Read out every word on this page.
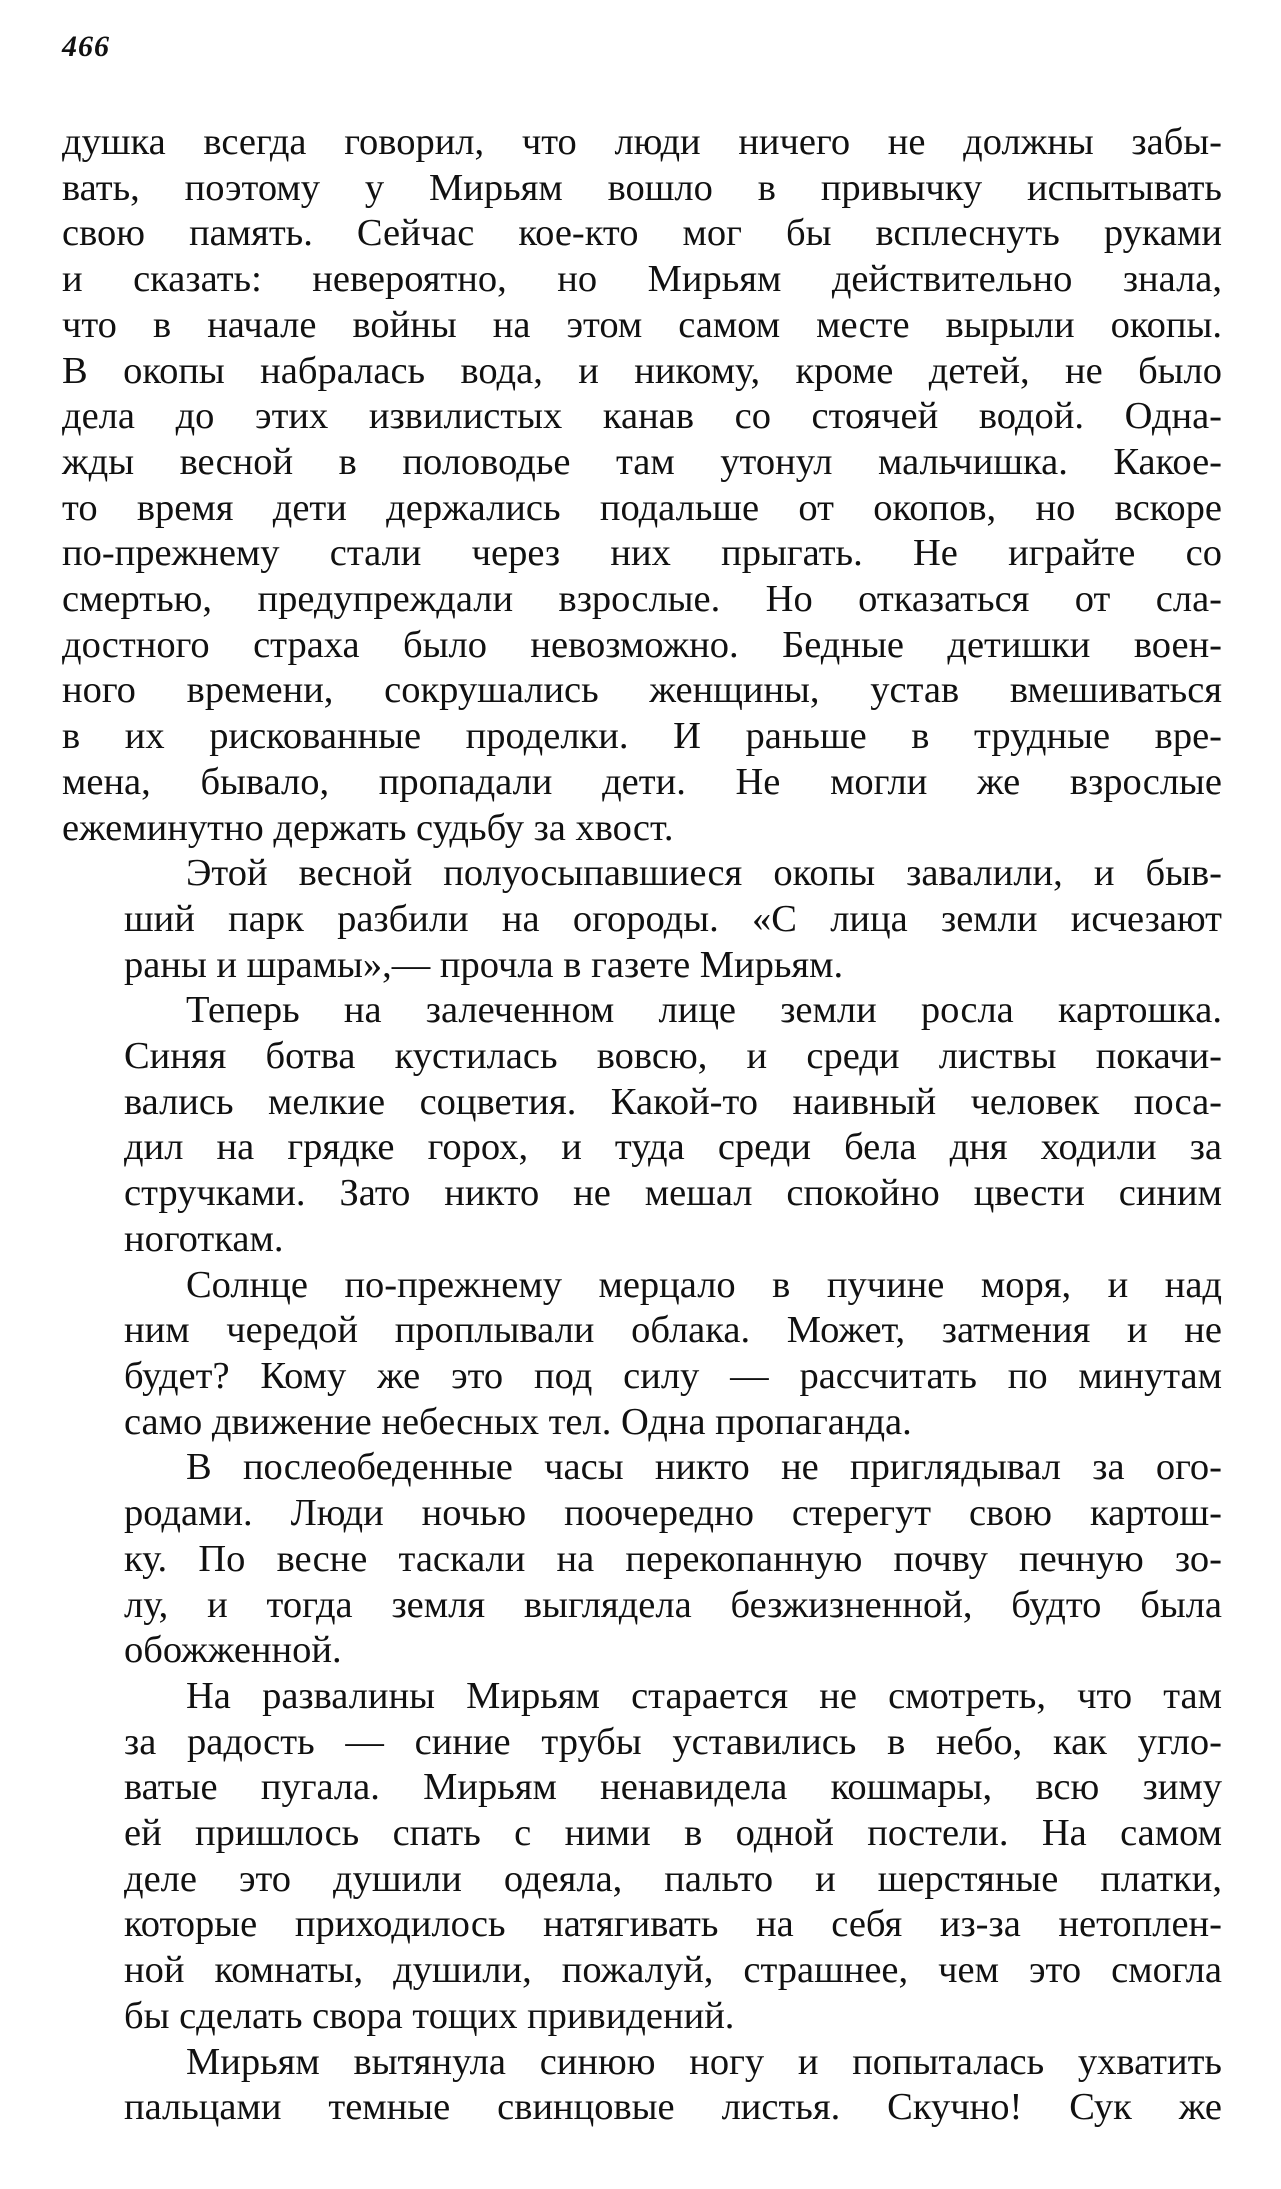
466
душка всегда говорил, что люди ничего не должны забы-
вать, поэтому у Мирьям вошло в привычку испытывать
свою память. Сейчас кое-кто мог бы всплеснуть руками
и сказать: невероятно, но Мирьям действительно знала,
что в начале войны на этом самом месте вырыли окопы.
В окопы набралась вода, и никому, кроме детей, не было
дела до этих извилистых канав со стоячей водой. Одна-
жды весной в половодье там утонул мальчишка. Какое-
то время дети держались подальше от окопов, но вскоре
по-прежнему стали через них прыгать. Не играйте со
смертью, предупреждали взрослые. Но отказаться от сла-
достного страха было невозможно. Бедные детишки воен-
ного времени, сокрушались женщины, устав вмешиваться
в их рискованные проделки. И раньше в трудные вре-
мена, бывало, пропадали дети. Не могли же взрослые
ежеминутно держать судьбу за хвост.
Этой весной полуосыпавшиеся окопы завалили, и быв-
ший парк разбили на огороды. «С лица земли исчезают
раны и шрамы»,— прочла в газете Мирьям.
Теперь на залеченном лице земли росла картошка.
Синяя ботва кустилась вовсю, и среди листвы покачи-
вались мелкие соцветия. Какой-то наивный человек поса-
дил на грядке горох, и туда среди бела дня ходили за
стручками. Зато никто не мешал спокойно цвести синим
ноготкам.
Солнце по-прежнему мерцало в пучине моря, и над
ним чередой проплывали облака. Может, затмения и не
будет? Кому же это под силу — рассчитать по минутам
само движение небесных тел. Одна пропаганда.
В послеобеденные часы никто не приглядывал за ого-
родами. Люди ночью поочередно стерегут свою картош-
ку. По весне таскали на перекопанную почву печную зо-
лу, и тогда земля выглядела безжизненной, будто была
обожженной.
На развалины Мирьям старается не смотреть, что там
за радость — синие трубы уставились в небо, как угло-
ватые пугала. Мирьям ненавидела кошмары, всю зиму
ей пришлось спать с ними в одной постели. На самом
деле это душили одеяла, пальто и шерстяные платки,
которые приходилось натягивать на себя из-за нетоплен-
ной комнаты, душили, пожалуй, страшнее, чем это смогла
бы сделать свора тощих привидений.
Мирьям вытянула синюю ногу и попыталась ухватить
пальцами темные свинцовые листья. Скучно! Сук же
